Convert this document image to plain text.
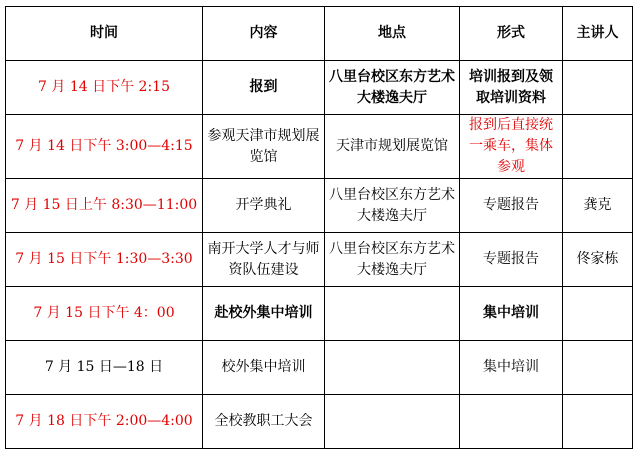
时间	内容	地点	形式	主讲人
7 月 14 日下午 2:15	报到	八里台校区东方艺术大楼逸夫厅	培训报到及领取培训资料	
7 月 14 日下午 3:00—4:15	参观天津市规划展览馆	天津市规划展览馆	报到后直接统一乘车，集体参观	
7 月 15 日上午 8:30—11:00	开学典礼	八里台校区东方艺术大楼逸夫厅	专题报告	龚克
7 月 15 日下午 1:30—3:30	南开大学人才与师资队伍建设	八里台校区东方艺术大楼逸夫厅	专题报告	佟家栋
7 月 15 日下午 4：00	赴校外集中培训		集中培训	
7 月 15 日—18 日	校外集中培训		集中培训	
7 月 18 日下午 2:00—4:00	全校教职工大会			
